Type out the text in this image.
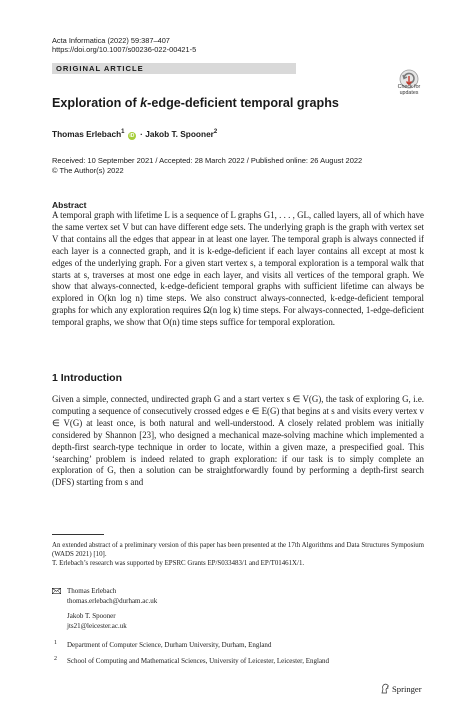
Acta Informatica (2022) 59:387–407
https://doi.org/10.1007/s00236-022-00421-5
ORIGINAL ARTICLE
Check for
updates
Exploration of k-edge-deficient temporal graphs
Thomas Erlebach$^1$ iD · Jakob T. Spooner$^2$
Received: 10 September 2021 / Accepted: 28 March 2022 / Published online: 26 August 2022
© The Author(s) 2022
Abstract
A temporal graph with lifetime L is a sequence of L graphs G1, . . . , GL, called layers, all of which have the same vertex set V but can have different edge sets. The underlying graph is the graph with vertex set V that contains all the edges that appear in at least one layer. The temporal graph is always connected if each layer is a connected graph, and it is k-edge-deficient if each layer contains all except at most k edges of the underlying graph. For a given start vertex s, a temporal exploration is a temporal walk that starts at s, traverses at most one edge in each layer, and visits all vertices of the temporal graph. We show that always-connected, k-edge-deficient temporal graphs with sufficient lifetime can always be explored in O(kn log n) time steps. We also construct always-connected, k-edge-deficient temporal graphs for which any exploration requires Ω(n log k) time steps. For always-connected, 1-edge-deficient temporal graphs, we show that O(n) time steps suffice for temporal exploration.
1 Introduction
Given a simple, connected, undirected graph G and a start vertex s ∈ V(G), the task of exploring G, i.e. computing a sequence of consecutively crossed edges e ∈ E(G) that begins at s and visits every vertex v ∈ V(G) at least once, is both natural and well-understood. A closely related problem was initially considered by Shannon [23], who designed a mechanical maze-solving machine which implemented a depth-first search-type technique in order to locate, within a given maze, a prespecified goal. This ‘searching’ problem is indeed related to graph exploration: if our task is to simply complete an exploration of G, then a solution can be straightforwardly found by performing a depth-first search (DFS) starting from s and
An extended abstract of a preliminary version of this paper has been presented at the 17th Algorithms and Data Structures Symposium (WADS 2021) [10].
T. Erlebach’s research was supported by EPSRC Grants EP/S033483/1 and EP/T01461X/1.
Thomas Erlebach
thomas.erlebach@durham.ac.uk
Jakob T. Spooner
jts21@leicester.ac.uk
1 Department of Computer Science, Durham University, Durham, England
2 School of Computing and Mathematical Sciences, University of Leicester, Leicester, England
Springer
